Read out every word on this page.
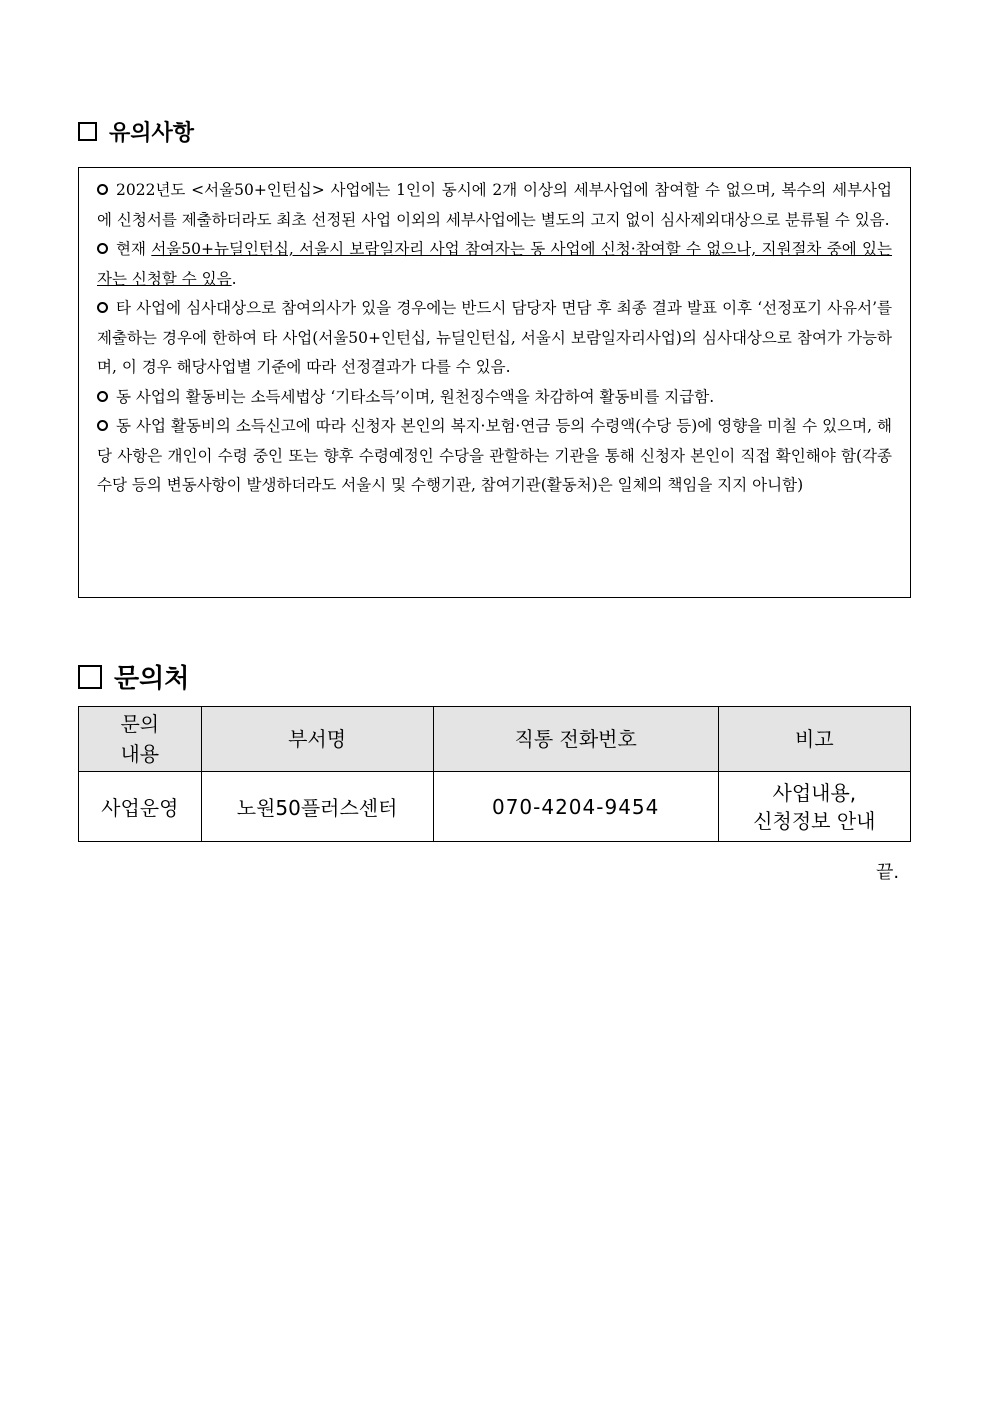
유의사항

2022년도 <서울50+인턴십> 사업에는 1인이 동시에 2개 이상의 세부사업에 참여할 수 없으며, 복수의 세부사업에 신청서를 제출하더라도 최초 선정된 사업 이외의 세부사업에는 별도의 고지 없이 심사제외대상으로 분류될 수 있음.

현재 서울50+뉴딜인턴십, 서울시 보람일자리 사업 참여자는 동 사업에 신청·참여할 수 없으나, 지원절차 중에 있는 자는 신청할 수 있음.

타 사업에 심사대상으로 참여의사가 있을 경우에는 반드시 담당자 면담 후 최종 결과 발표 이후 ‘선정포기 사유서’를 제출하는 경우에 한하여 타 사업(서울50+인턴십, 뉴딜인턴십, 서울시 보람일자리사업)의 심사대상으로 참여가 가능하며, 이 경우 해당사업별 기준에 따라 선정결과가 다를 수 있음.

동 사업의 활동비는 소득세법상 ‘기타소득’이며, 원천징수액을 차감하여 활동비를 지급함.

동 사업 활동비의 소득신고에 따라 신청자 본인의 복지·보험·연금 등의 수령액(수당 등)에 영향을 미칠 수 있으며, 해당 사항은 개인이 수령 중인 또는 향후 수령예정인 수당을 관할하는 기관을 통해 신청자 본인이 직접 확인해야 함(각종 수당 등의 변동사항이 발생하더라도 서울시 및 수행기관, 참여기관(활동처)은 일체의 책임을 지지 아니함)

문의처
문의
내용	부서명	직통 전화번호	비고
사업운영	노원50플러스센터	070-4204-9454	사업내용,
신청정보 안내
끝.
